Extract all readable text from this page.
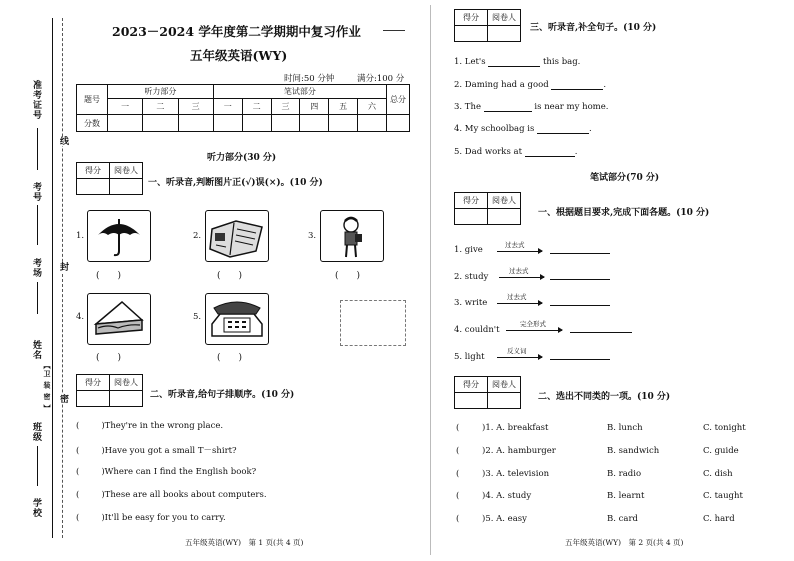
准考证号
考号
考场
姓名
【卫 装 密 】
班级
学校
线
封
密
2023－2024 学年度第二学期期中复习作业
五年级英语(WY)
时间:50 分钟	满分:100 分
题号	听力部分			笔试部分						总分
	一	二	三	一	二	三	四	五	六	
分数										
听力部分(30 分)
得分	阅卷人

一、听录音,判断图片正(√)误(×)。(10 分)
1.
(　　)
2.
(　　)
3.
(　　)
4.
(　　)
5.
(　　)
得分	阅卷人

二、听录音,给句子排顺序。(10 分)
(	)They're in the wrong place.
(	)Have you got a small T－shirt?
(	)Where can I find the English book?
(	)These are all books about computers.
(	)It'll be easy for you to carry.
五年级英语(WY)　第 1 页(共 4 页)
得分	阅卷人

三、听录音,补全句子。(10 分)
1. Let's	this bag.
2. Daming had a good	.
3. The	is near my home.
4. My schoolbag is	.
5. Dad works at	.
笔试部分(70 分)
得分	阅卷人

一、根据题目要求,完成下面各题。(10 分)
1. give	过去式
2. study
过去式
3. write
过去式
4. couldn't
完全形式
5. light
反义词
得分	阅卷人

二、选出不同类的一项。(10 分)
(	)1. A. breakfast	B. lunch	C. tonight
(	)2. A. hamburger	B. sandwich	C. guide
(	)3. A. television	B. radio	C. dish
(	)4. A. study	B. learnt	C. taught
(	)5. A. easy	B. card	C. hard
五年级英语(WY)　第 2 页(共 4 页)
